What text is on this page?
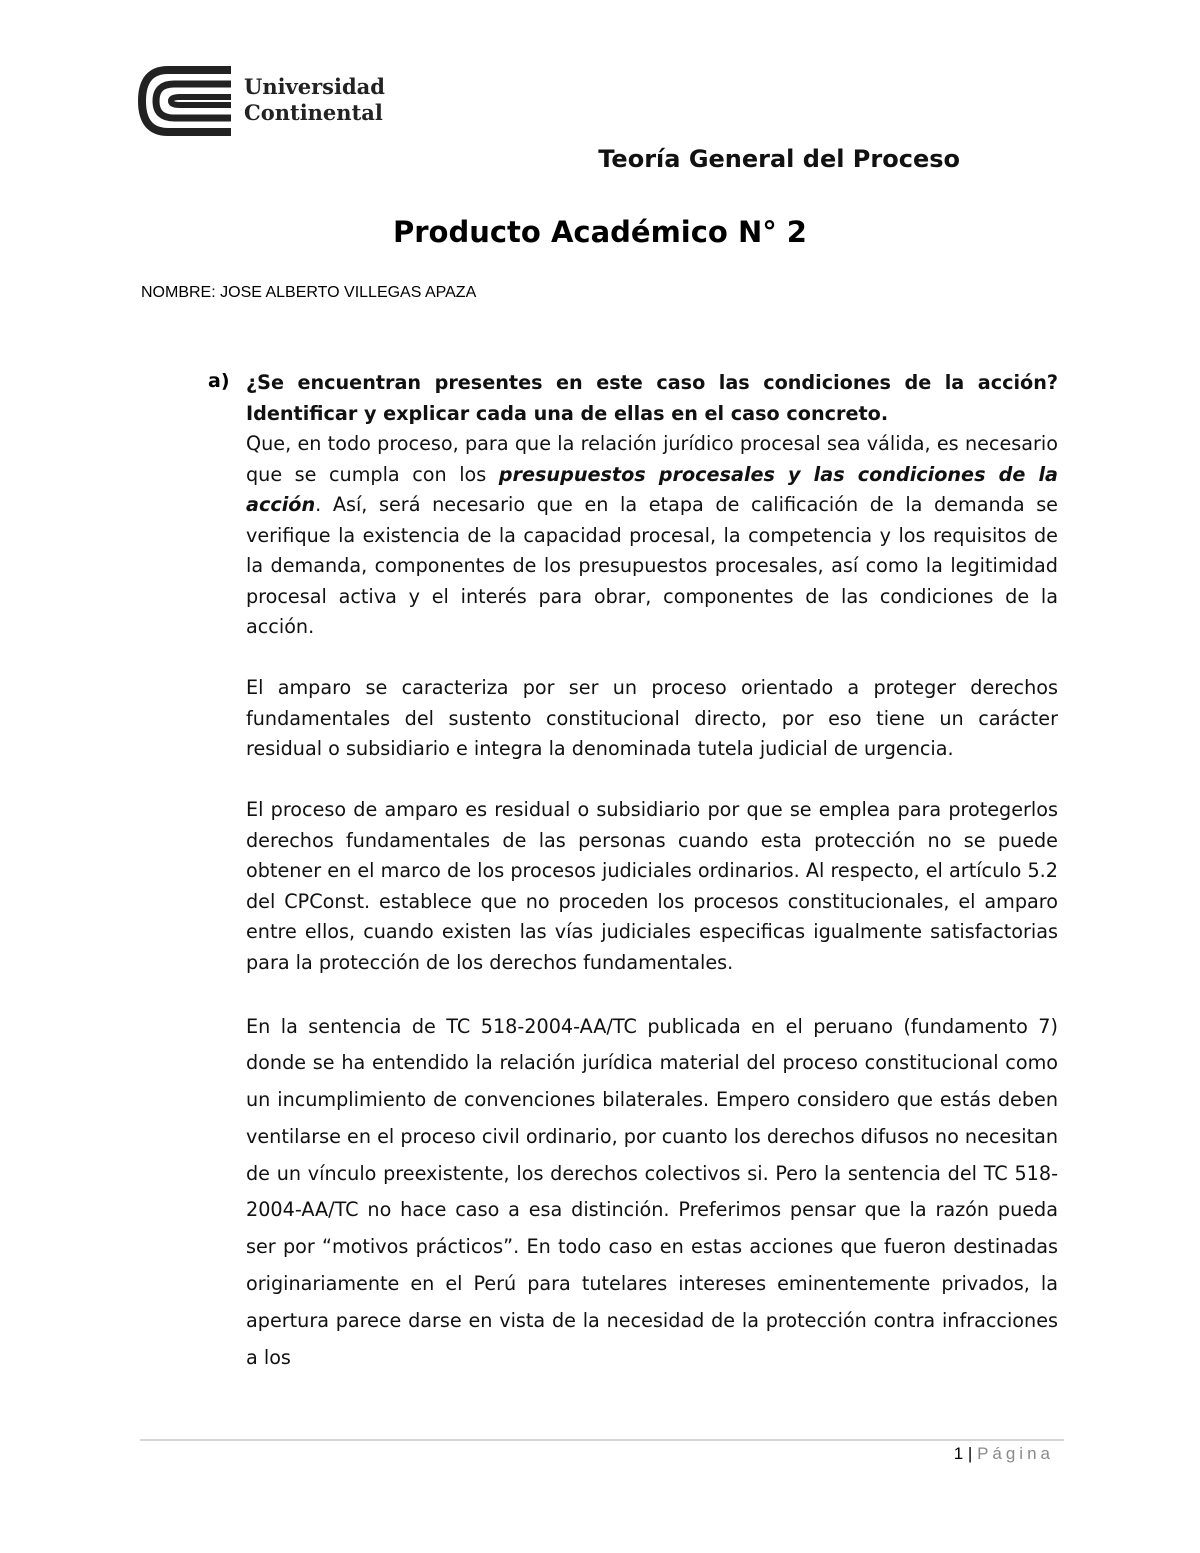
Universidad
Continental
Teoría General del Proceso
Producto Académico N° 2
NOMBRE: JOSE ALBERTO VILLEGAS APAZA
a) ¿Se encuentran presentes en este caso las condiciones de la acción? Identificar y explicar cada una de ellas en el caso concreto.

Que, en todo proceso, para que la relación jurídico procesal sea válida, es necesario que se cumpla con los presupuestos procesales y las condiciones de la acción. Así, será necesario que en la etapa de calificación de la demanda se verifique la existencia de la capacidad procesal, la competencia y los requisitos de la demanda, componentes de los presupuestos procesales, así como la legitimidad procesal activa y el interés para obrar, componentes de las condiciones de la acción.

El amparo se caracteriza por ser un proceso orientado a proteger derechos fundamentales del sustento constitucional directo, por eso tiene un carácter residual o subsidiario e integra la denominada tutela judicial de urgencia.

El proceso de amparo es residual o subsidiario por que se emplea para protegerlos derechos fundamentales de las personas cuando esta protección no se puede obtener en el marco de los procesos judiciales ordinarios. Al respecto, el artículo 5.2 del CPConst. establece que no proceden los procesos constitucionales, el amparo entre ellos, cuando existen las vías judiciales especificas igualmente satisfactorias para la protección de los derechos fundamentales.

En la sentencia de TC 518-2004-AA/TC publicada en el peruano (fundamento 7) donde se ha entendido la relación jurídica material del proceso constitucional como un incumplimiento de convenciones bilaterales. Empero considero que estás deben ventilarse en el proceso civil ordinario, por cuanto los derechos difusos no necesitan de un vínculo preexistente, los derechos colectivos si. Pero la sentencia del TC 518-2004-AA/TC no hace caso a esa distinción. Preferimos pensar que la razón pueda ser por “motivos prácticos”. En todo caso en estas acciones que fueron destinadas originariamente en el Perú para tutelares intereses eminentemente privados, la apertura parece darse en vista de la necesidad de la protección contra infracciones a los

1 | Página
